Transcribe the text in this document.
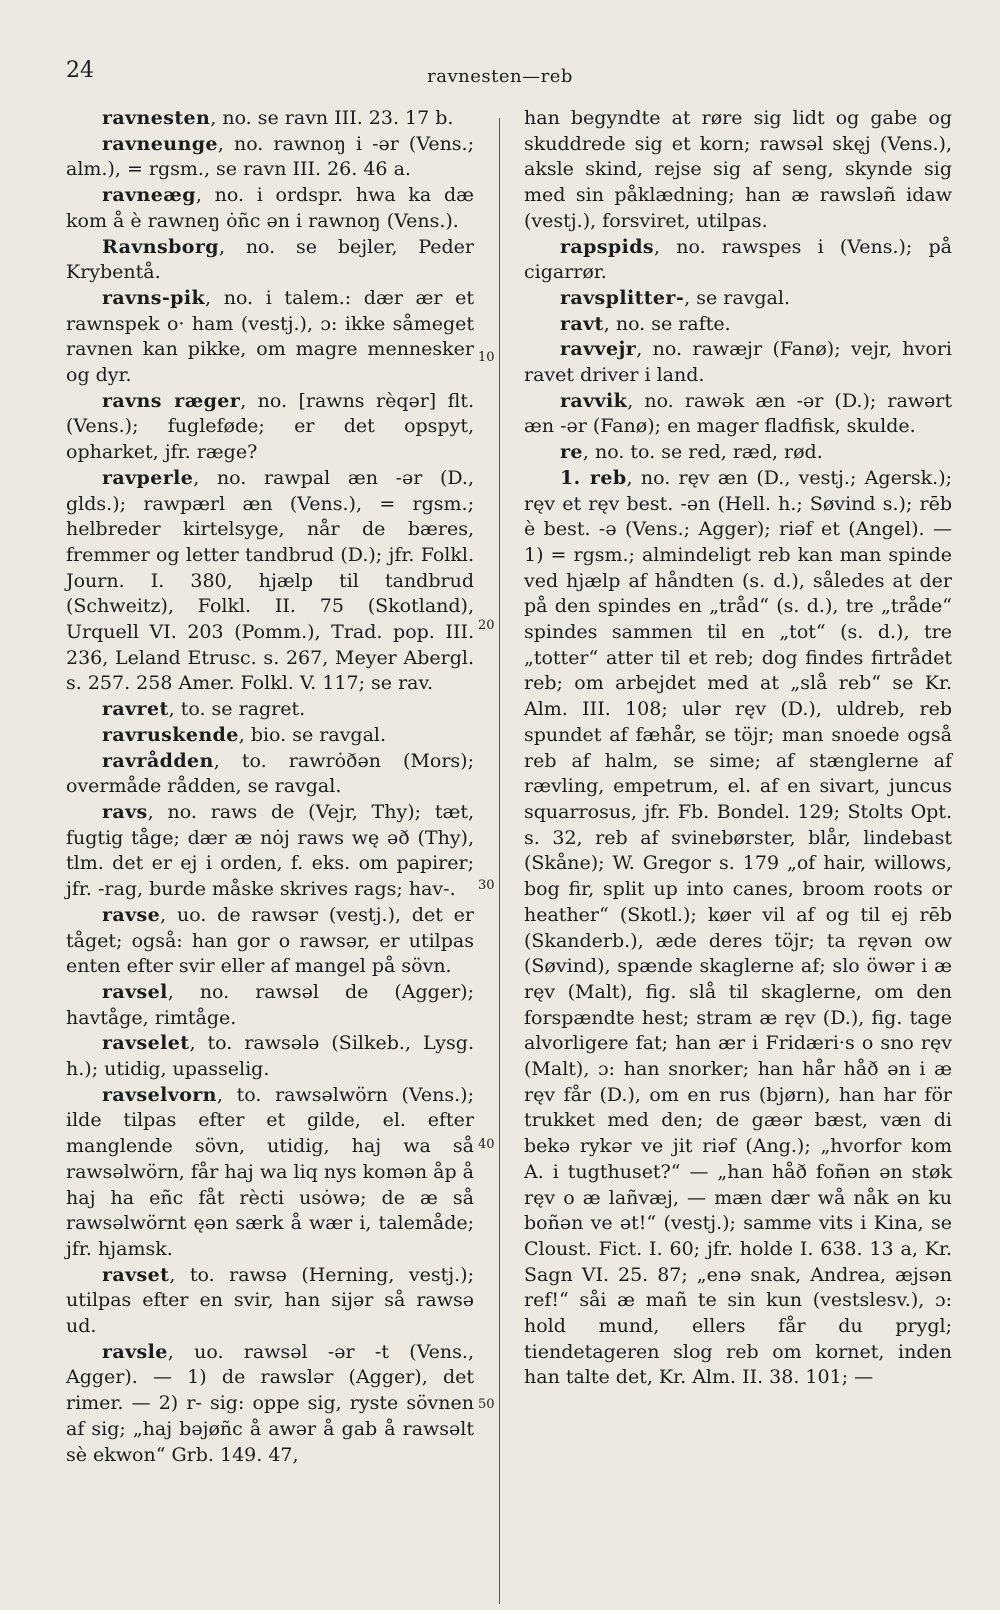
24	ravnesten—reb
10
20
30
40
50

ravnesten, no. se ravn III. 23. 17 b.

ravneunge, no. rawnoŋ i -ər (Vens.; alm.), = rgsm., se ravn III. 26. 46 a.

ravneæg, no. i ordspr. hwa ka dæ kom å è rawneŋ ȯñc ən i rawnoŋ (Vens.).

Ravnsborg, no. se bejler, Peder Krybentå.

ravns-pik, no. i talem.: dær ær et rawnspek o· ham (vestj.), ɔ: ikke såmeget ravnen kan pikke, om magre mennesker og dyr.

ravns ræger, no. [rawns rèqər] flt. (Vens.); fugleføde; er det opspyt, opharket, jfr. ræge?

ravperle, no. rawpal æn -ər (D., glds.); rawpærl æn (Vens.), = rgsm.; helbreder kirtelsyge, når de bæres, fremmer og letter tandbrud (D.); jfr. Folkl. Journ. I. 380, hjælp til tandbrud (Schweitz), Folkl. II. 75 (Skotland), Urquell VI. 203 (Pomm.), Trad. pop. III. 236, Leland Etrusc. s. 267, Meyer Abergl. s. 257. 258 Amer. Folkl. V. 117; se rav.

ravret, to. se ragret.

ravruskende, bio. se ravgal.

ravrådden, to. rawrȯðən (Mors); overmåde rådden, se ravgal.

ravs, no. raws de (Vejr, Thy); tæt, fugtig tåge; dær æ nȯj raws wę əð (Thy), tlm. det er ej i orden, f. eks. om papirer; jfr. -rag, burde måske skrives rags; hav-.

ravse, uo. de rawsər (vestj.), det er tåget; også: han gor o rawsər, er utilpas enten efter svir eller af mangel på sövn.

ravsel, no. rawsəl de (Agger); havtåge, rimtåge.

ravselet, to. rawsələ (Silkeb., Lysg. h.); utidig, upasselig.

ravselvorn, to. rawsəlwörn (Vens.); ilde tilpas efter et gilde, el. efter manglende sövn, utidig, haj wa så rawsəlwörn, får haj wa liq nys komən åp å haj ha eñc fåt rècti usȯwə; de æ så rawsəlwörnt ęən særk å wær i, talemåde; jfr. hjamsk.

ravset, to. rawsə (Herning, vestj.); utilpas efter en svir, han sijər så rawsə ud.

ravsle, uo. rawsəl -ər -t (Vens., Agger). — 1) de rawslər (Agger), det rimer. — 2) r- sig: oppe sig, ryste sövnen af sig; „haj bəjøñc å awər å gab å rawsəlt sè ekwon“ Grb. 149. 47,

han begyndte at røre sig lidt og gabe og skuddrede sig et korn; rawsəl skęj (Vens.), aksle skind, rejse sig af seng, skynde sig med sin påklædning; han æ rawsləñ idaw (vestj.), forsviret, utilpas.

rapspids, no. rawspes i (Vens.); på cigarrør.

ravsplitter-, se ravgal.

ravt, no. se rafte.

ravvejr, no. rawæjr (Fanø); vejr, hvori ravet driver i land.

ravvik, no. rawək æn -ər (D.); rawərt æn -ər (Fanø); en mager fladfisk, skulde.

re, no. to. se red, ræd, rød.

1. reb, no. ręv æn (D., vestj.; Agersk.); ręv et ręv best. -ən (Hell. h.; Søvind s.); rēb è best. -ə (Vens.; Agger); riəf et (Angel). — 1) = rgsm.; almindeligt reb kan man spinde ved hjælp af håndten (s. d.), således at der på den spindes en „tråd“ (s. d.), tre „tråde“ spindes sammen til en „tot“ (s. d.), tre „totter“ atter til et reb; dog findes firtrådet reb; om arbejdet med at „slå reb“ se Kr. Alm. III. 108; ulər ręv (D.), uldreb, reb spundet af fæhår, se töjr; man snoede også reb af halm, se sime; af stænglerne af rævling, empetrum, el. af en sivart, juncus squarrosus, jfr. Fb. Bondel. 129; Stolts Opt. s. 32, reb af svinebørster, blår, lindebast (Skåne); W. Gregor s. 179 „of hair, willows, bog fir, split up into canes, broom roots or heather“ (Skotl.); køer vil af og til ej rēb (Skanderb.), æde deres töjr; ta ręvən ow (Søvind), spænde skaglerne af; slo öwər i æ ręv (Malt), fig. slå til skaglerne, om den forspændte hest; stram æ ręv (D.), fig. tage alvorligere fat; han ær i Fridæri·s o sno ręv (Malt), ɔ: han snorker; han hår håð ən i æ ręv får (D.), om en rus (bjørn), han har för trukket med den; de gæər bæst, væn di bekə rykər ve jit riəf (Ang.); „hvorfor kom A. i tugthuset?“ — „han håð foñən ən støk ręv o æ lañvæj, — mæn dær wå nåk ən ku boñən ve ət!“ (vestj.); samme vits i Kina, se Cloust. Fict. I. 60; jfr. holde I. 638. 13 a, Kr. Sagn VI. 25. 87; „enə snak, Andrea, æjsən ref!“ såi æ mañ te sin kun (vestslesv.), ɔ: hold mund, ellers får du prygl; tiendetageren slog reb om kornet, inden han talte det, Kr. Alm. II. 38. 101; —
